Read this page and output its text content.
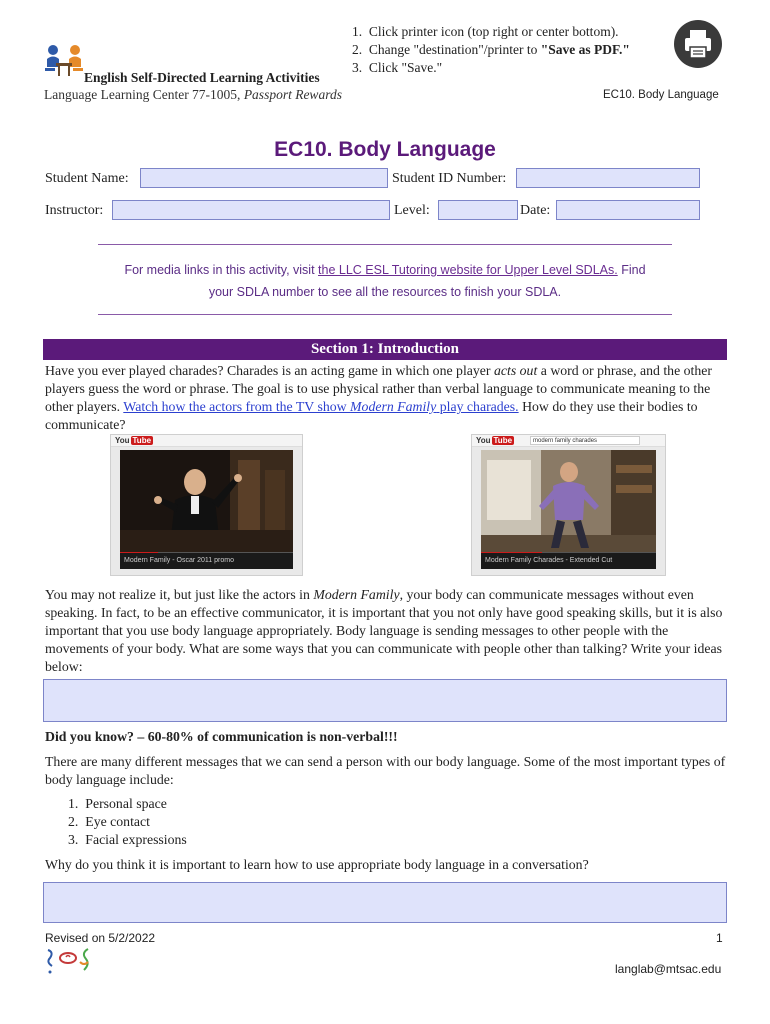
English Self-Directed Learning Activities
Language Learning Center 77-1005, Passport Rewards
1. Click printer icon (top right or center bottom).
2. Change "destination"/printer to "Save as PDF."
3. Click "Save."
EC10. Body Language
EC10. Body Language
Student Name:	Student ID Number:
Instructor:	Level:	Date:
For media links in this activity, visit the LLC ESL Tutoring website for Upper Level SDLAs. Find
your SDLA number to see all the resources to finish your SDLA.
Section 1: Introduction
Have you ever played charades? Charades is an acting game in which one player acts out a word or phrase, and the other players guess the word or phrase. The goal is to use physical rather than verbal language to communicate meaning to the other players. Watch how the actors from the TV show Modern Family play charades. How do they use their bodies to communicate?
You Tube
Modern Family - Oscar 2011 promo
You Tube	modern family charades
Modern Family Charades - Extended Cut
You may not realize it, but just like the actors in Modern Family, your body can communicate messages without even speaking. In fact, to be an effective communicator, it is important that you not only have good speaking skills, but it is also important that you use body language appropriately. Body language is sending messages to other people with the movements of your body. What are some ways that you can communicate with people other than talking? Write your ideas below:
Did you know? – 60-80% of communication is non-verbal!!!
There are many different messages that we can send a person with our body language. Some of the most important types of body language include:
1. Personal space
2. Eye contact
3. Facial expressions
Why do you think it is important to learn how to use appropriate body language in a conversation?
Revised on 5/2/2022	1
langlab@mtsac.edu
